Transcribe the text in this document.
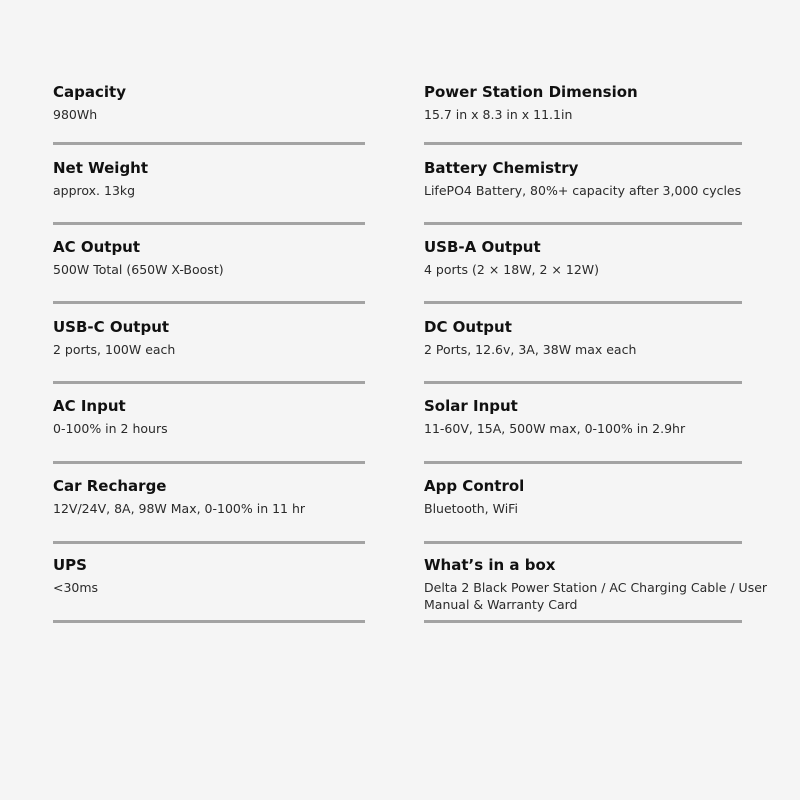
Capacity
980Wh
Net Weight
approx. 13kg
AC Output
500W Total (650W X-Boost)
USB-C Output
2 ports, 100W each
AC Input
0-100% in 2 hours
Car Recharge
12V/24V, 8A, 98W Max, 0-100% in 11 hr
UPS
<30ms
Power Station Dimension
15.7 in x 8.3 in x 11.1in
Battery Chemistry
LifePO4 Battery, 80%+ capacity after 3,000 cycles
USB-A Output
4 ports (2 × 18W, 2 × 12W)
DC Output
2 Ports, 12.6v, 3A, 38W max each
Solar Input
11-60V, 15A, 500W max, 0-100% in 2.9hr
App Control
Bluetooth, WiFi
What’s in a box
Delta 2 Black Power Station / AC Charging Cable / User Manual & Warranty Card
